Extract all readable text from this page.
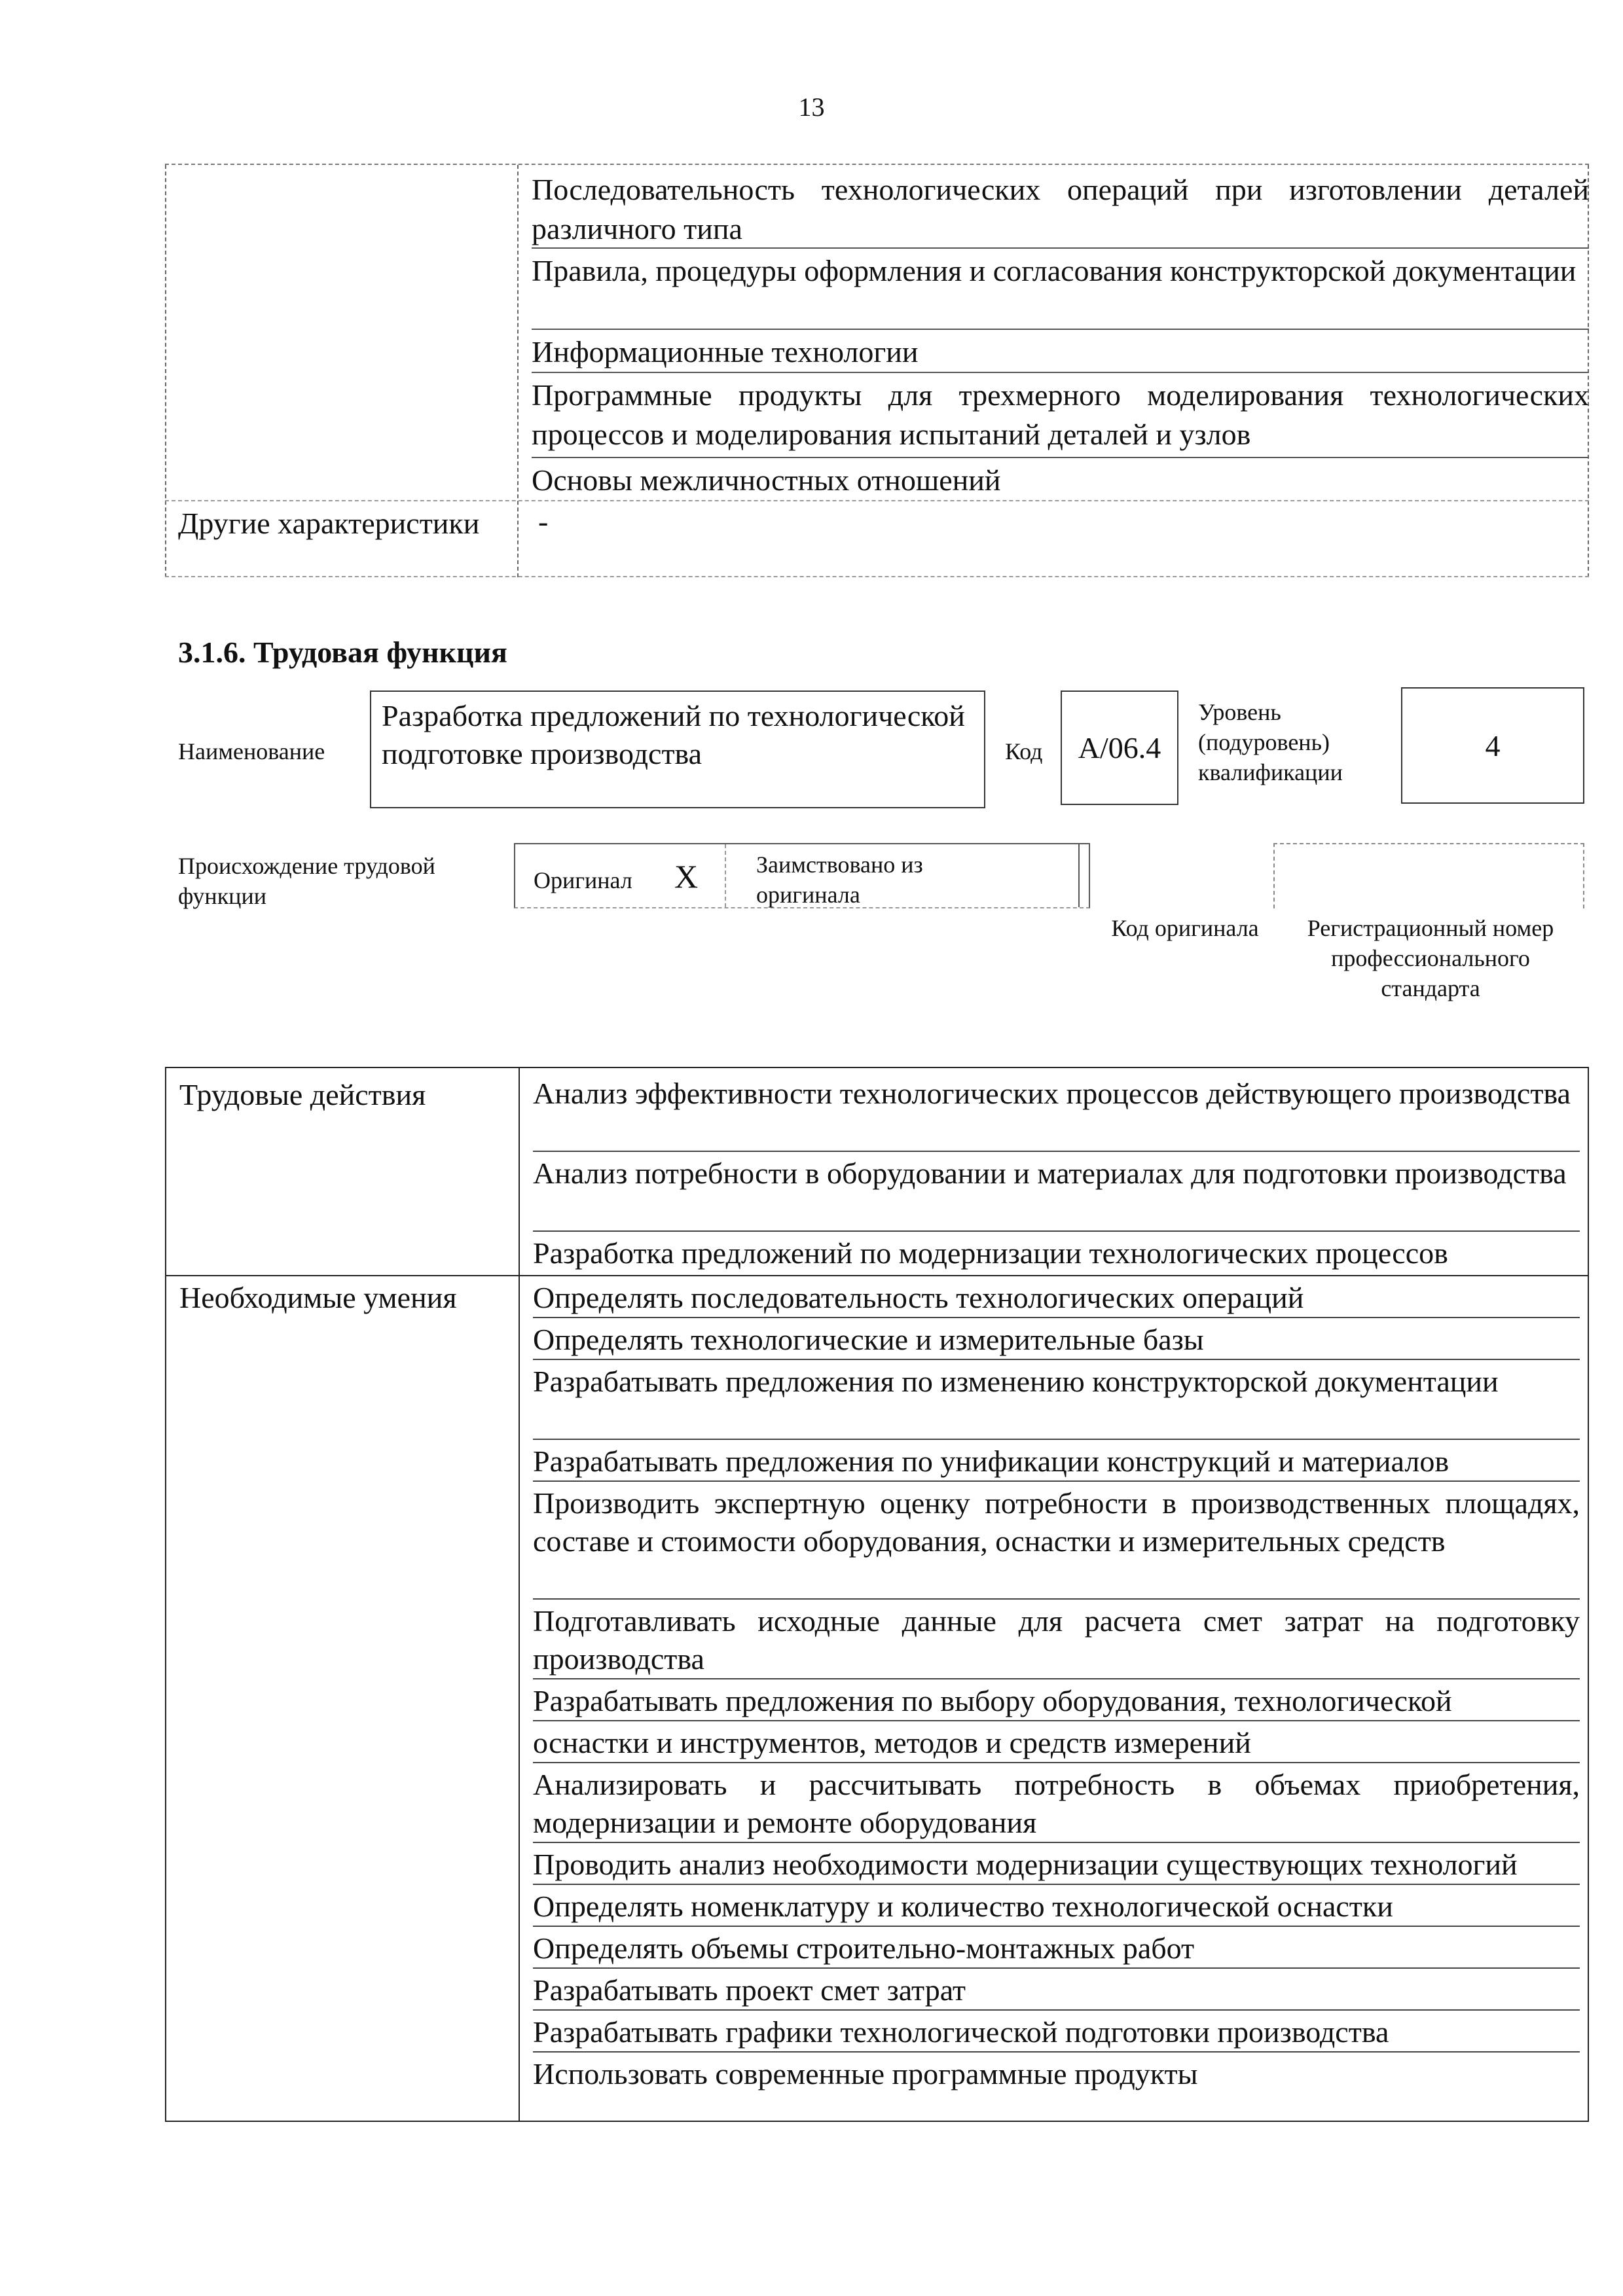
13
Последовательность технологических операций при изготовлении деталей различного типа
Правила, процедуры оформления и согласования конструкторской документации
Информационные технологии
Программные продукты для трехмерного моделирования технологических процессов и моделирования испытаний деталей и узлов
Основы межличностных отношений
Другие характеристики	-
3.1.6. Трудовая функция
Наименование
Разработка предложений по технологической подготовке производства	Код	A/06.4
Уровень (подуровень) квалификации
4
Происхождение трудовой функции
Оригинал X Заимствовано из оригинала
Код оригинала	Регистрационный номер профессионального стандарта
Трудовые действия	Анализ эффективности технологических процессов действующего производства
Анализ потребности в оборудовании и материалах для подготовки производства
Разработка предложений по модернизации технологических процессов
Необходимые умения	Определять последовательность технологических операций
Определять технологические и измерительные базы
Разрабатывать предложения по изменению конструкторской документации
Разрабатывать предложения по унификации конструкций и материалов
Производить экспертную оценку потребности в производственных площадях, составе и стоимости оборудования, оснастки и измерительных средств
Подготавливать исходные данные для расчета смет затрат на подготовку производства
Разрабатывать предложения по выбору оборудования, технологической
оснастки и инструментов, методов и средств измерений
Анализировать и рассчитывать потребность в объемах приобретения, модернизации и ремонте оборудования
Проводить анализ необходимости модернизации существующих технологий
Определять номенклатуру и количество технологической оснастки
Определять объемы строительно-монтажных работ
Разрабатывать проект смет затрат
Разрабатывать графики технологической подготовки производства
Использовать современные программные продукты
